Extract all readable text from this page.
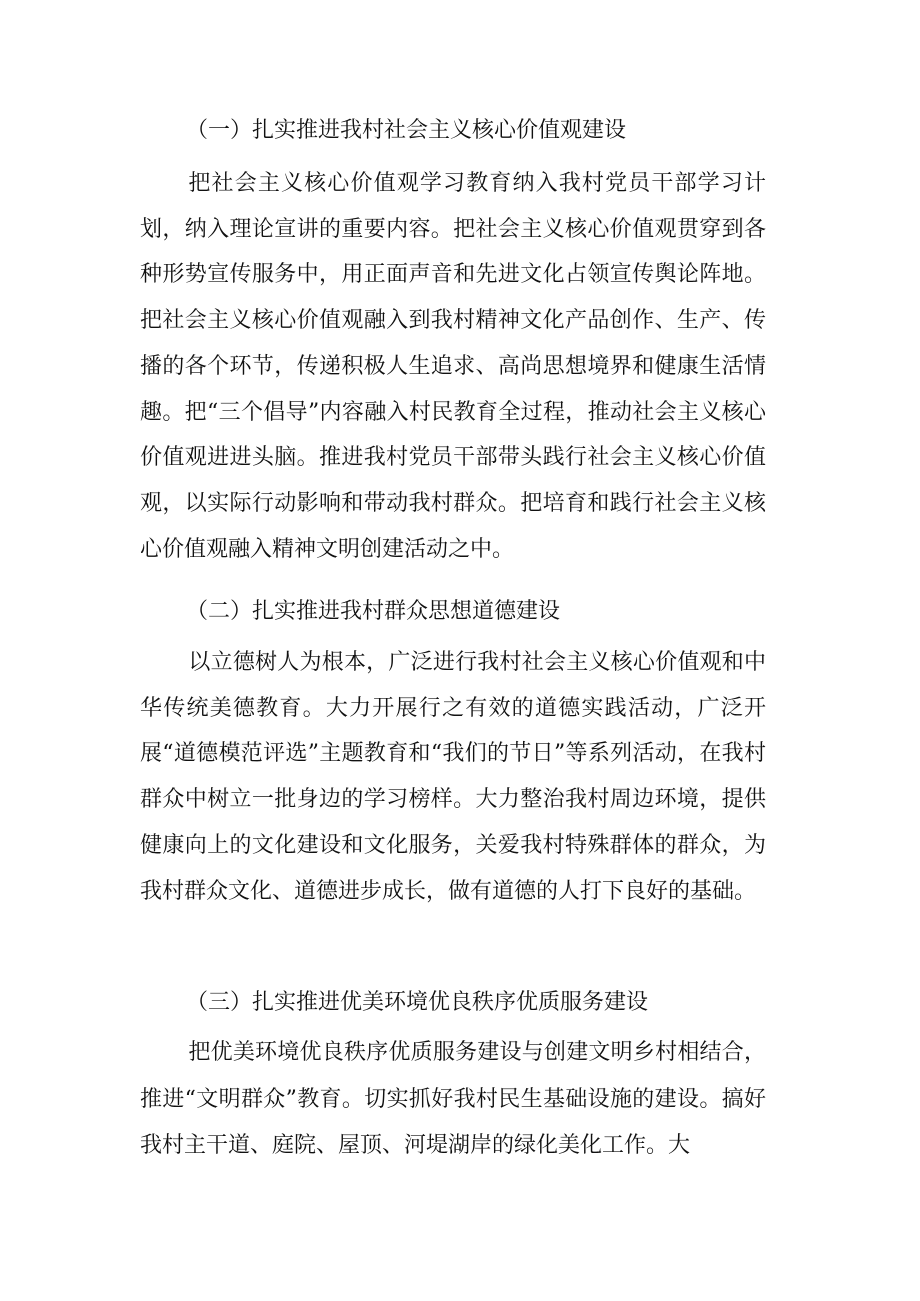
（一）扎实推进我村社会主义核心价值观建设
把社会主义核心价值观学习教育纳入我村党员干部学习计划，纳入理论宣讲的重要内容。把社会主义核心价值观贯穿到各种形势宣传服务中，用正面声音和先进文化占领宣传舆论阵地。把社会主义核心价值观融入到我村精神文化产品创作、生产、传播的各个环节，传递积极人生追求、高尚思想境界和健康生活情趣。把“三个倡导”内容融入村民教育全过程，推动社会主义核心价值观进进头脑。推进我村党员干部带头践行社会主义核心价值观，以实际行动影响和带动我村群众。把培育和践行社会主义核心价值观融入精神文明创建活动之中。
（二）扎实推进我村群众思想道德建设
以立德树人为根本，广泛进行我村社会主义核心价值观和中华传统美德教育。大力开展行之有效的道德实践活动，广泛开展“道德模范评选”主题教育和“我们的节日”等系列活动，在我村群众中树立一批身边的学习榜样。大力整治我村周边环境，提供健康向上的文化建设和文化服务，关爱我村特殊群体的群众，为我村群众文化、道德进步成长，做有道德的人打下良好的基础。
（三）扎实推进优美环境优良秩序优质服务建设
把优美环境优良秩序优质服务建设与创建文明乡村相结合，推进“文明群众”教育。切实抓好我村民生基础设施的建设。搞好我村主干道、庭院、屋顶、河堤湖岸的绿化美化工作。大
